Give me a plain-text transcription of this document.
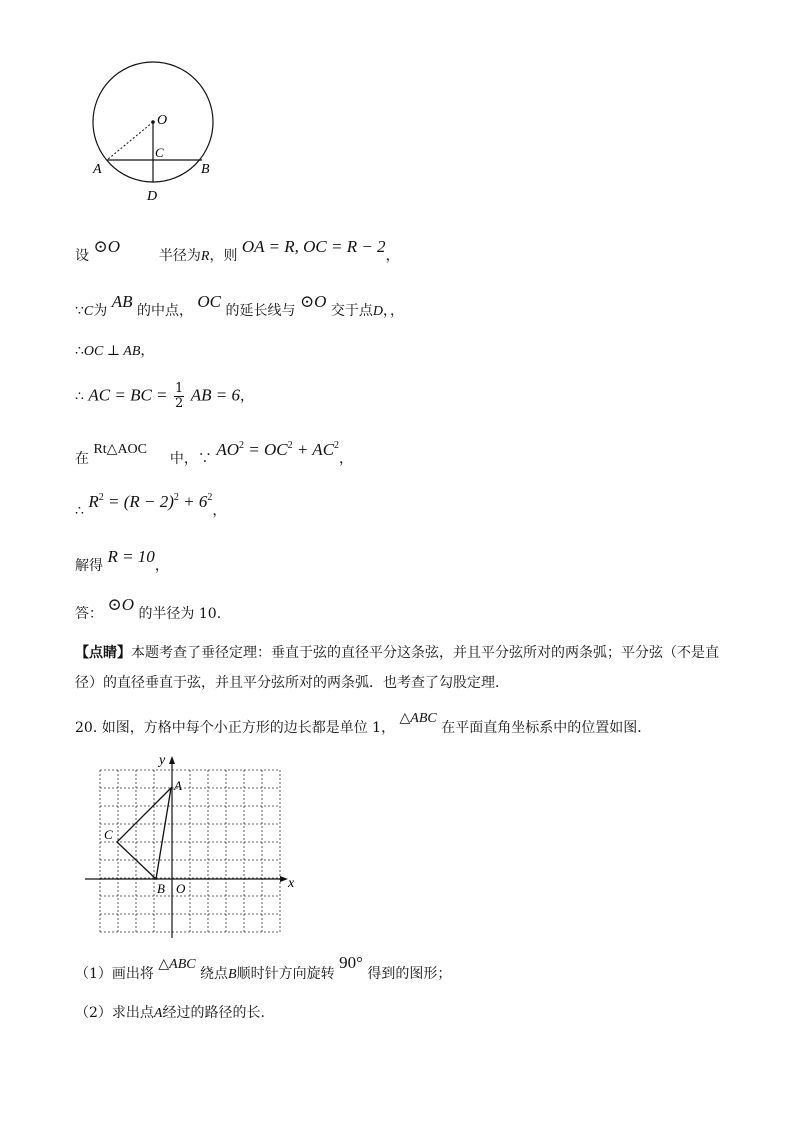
O
A	B
C
D
设 ⊙O	半径为R，则 OA = R, OC = R − 2，
∵C为 AB 的中点， OC 的延长线与 ⊙O 交于点D，，
∴OC ⊥ AB，
∴ AC = BC = $\frac{1}{2}$ AB = 6，
在 Rt△AOC  中，∵ $AO^2 = OC^2 + AC^2$，
∴ $R^2 = (R - 2)^2 + 6^2$，
解得 R = 10，
答： ⊙O 的半径为 10.
【点睛】本题考查了垂径定理：垂直于弦的直径平分这条弦，并且平分弦所对的两条弧；平分弦（不是直径）的直径垂直于弦，并且平分弦所对的两条弧．也考查了勾股定理．
20. 如图，方格中每个小正方形的边长都是单位 1， △ABC 在平面直角坐标系中的位置如图．
y
x
A
C
B O
（1）画出将 △ABC 绕点B顺时针方向旋转 90° 得到的图形；
（2）求出点A经过的路径的长.
